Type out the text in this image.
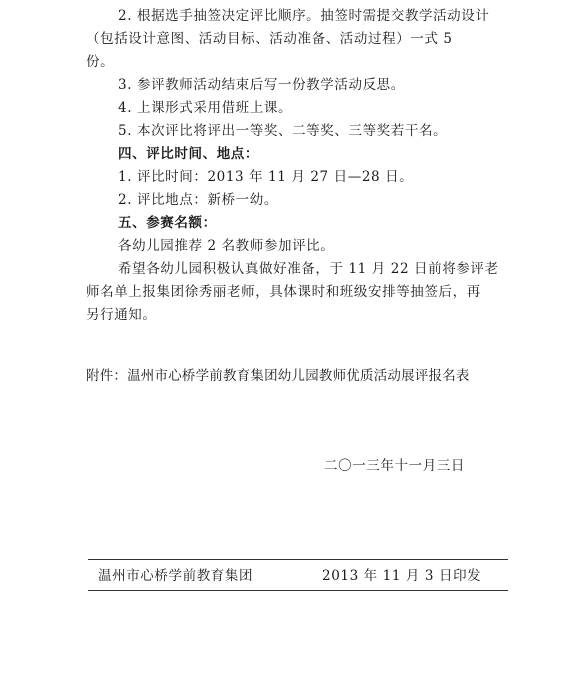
2. 根据选手抽签决定评比顺序。抽签时需提交教学活动设计
（包括设计意图、活动目标、活动准备、活动过程）一式 5
份。
3. 参评教师活动结束后写一份教学活动反思。
4. 上课形式采用借班上课。
5. 本次评比将评出一等奖、二等奖、三等奖若干名。
四、评比时间、地点：
1. 评比时间：2013 年 11 月 27 日—28 日。
2. 评比地点：新桥一幼。
五、参赛名额：
各幼儿园推荐 2 名教师参加评比。
希望各幼儿园积极认真做好准备，于 11 月 22 日前将参评老
师名单上报集团徐秀丽老师，具体课时和班级安排等抽签后，再
另行通知。
附件：温州市心桥学前教育集团幼儿园教师优质活动展评报名表
二〇一三年十一月三日
温州市心桥学前教育集团	2013 年 11 月 3 日印发
